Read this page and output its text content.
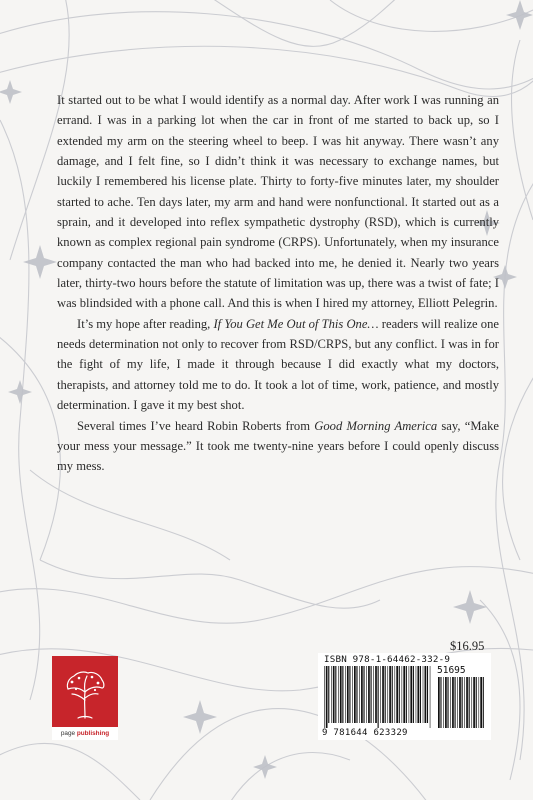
It started out to be what I would identify as a normal day. After work I was running an errand. I was in a parking lot when the car in front of me started to back up, so I extended my arm on the steering wheel to beep. I was hit anyway. There wasn’t any damage, and I felt fine, so I didn’t think it was necessary to exchange names, but luckily I remembered his license plate. Thirty to forty-five minutes later, my shoulder started to ache. Ten days later, my arm and hand were nonfunctional. It started out as a sprain, and it developed into reflex sympathetic dystrophy (RSD), which is currently known as complex regional pain syndrome (CRPS). Unfortunately, when my insurance company contacted the man who had backed into me, he denied it. Nearly two years later, thirty-two hours before the statute of limitation was up, there was a twist of fate; I was blindsided with a phone call. And this is when I hired my attorney, Elliott Pelegrin.

It’s my hope after reading, If You Get Me Out of This One… readers will realize one needs determination not only to recover from RSD/CRPS, but any conflict. I was in for the fight of my life, I made it through because I did exactly what my doctors, therapists, and attorney told me to do. It took a lot of time, work, patience, and mostly determination. I gave it my best shot.

Several times I’ve heard Robin Roberts from Good Morning America say, “Make your mess your message.” It took me twenty-nine years before I could openly discuss my mess.

$16.95
ISBN 978-1-64462-332-9
51695
9 781644 623329
page publishing
